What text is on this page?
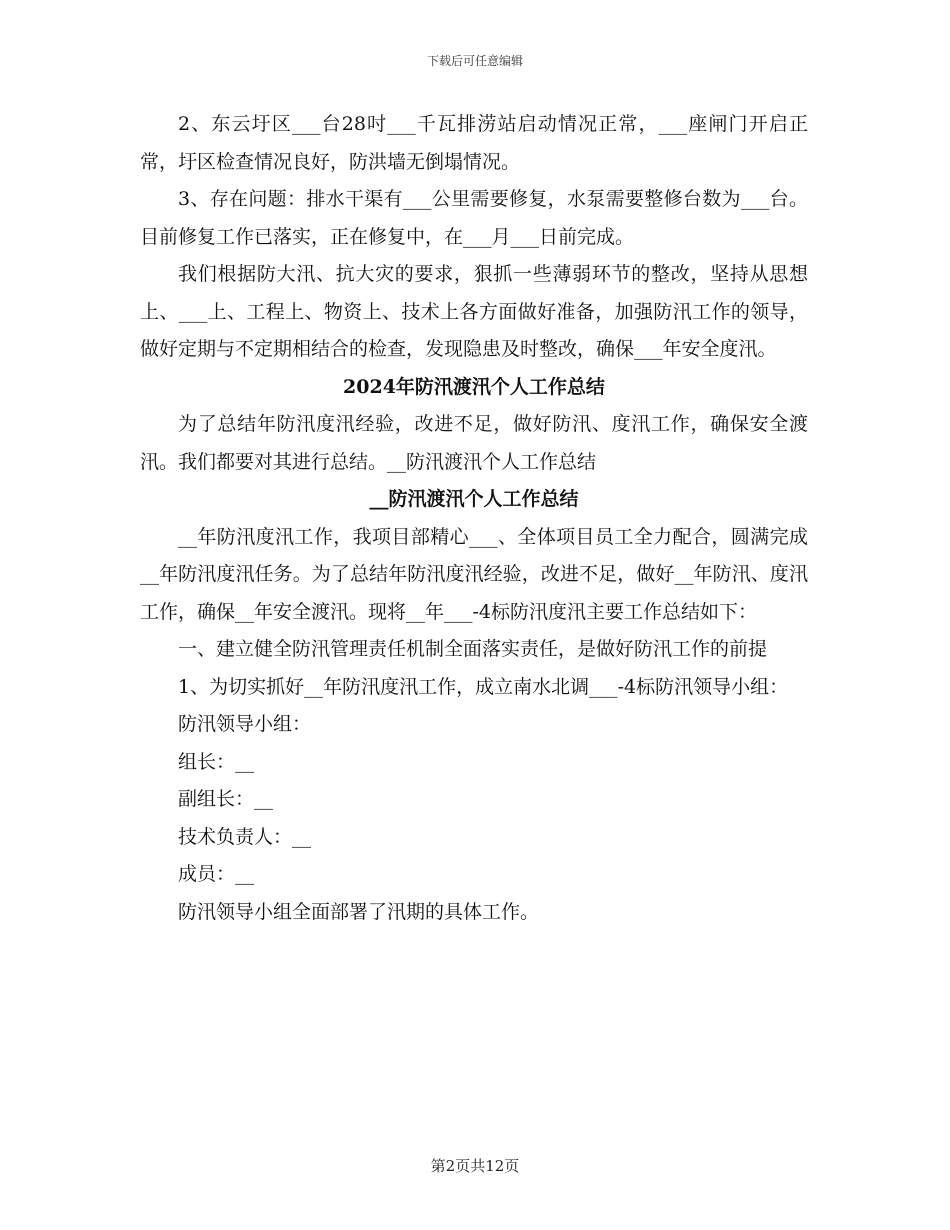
下载后可任意编辑

2、东云圩区___台28吋___千瓦排涝站启动情况正常，___座闸门开启正常，圩区检查情况良好，防洪墙无倒塌情况。

3、存在问题：排水干渠有___公里需要修复，水泵需要整修台数为___台。目前修复工作已落实，正在修复中，在___月___日前完成。

我们根据防大汛、抗大灾的要求，狠抓一些薄弱环节的整改，坚持从思想上、___上、工程上、物资上、技术上各方面做好准备，加强防汛工作的领导，做好定期与不定期相结合的检查，发现隐患及时整改，确保___年安全度汛。

2024年防汛渡汛个人工作总结

为了总结年防汛度汛经验，改进不足，做好防汛、度汛工作，确保安全渡汛。我们都要对其进行总结。__防汛渡汛个人工作总结

__防汛渡汛个人工作总结

__年防汛度汛工作，我项目部精心___、全体项目员工全力配合，圆满完成__年防汛度汛任务。为了总结年防汛度汛经验，改进不足，做好__年防汛、度汛工作，确保__年安全渡汛。现将__年___-4标防汛度汛主要工作总结如下：

一、建立健全防汛管理责任机制全面落实责任，是做好防汛工作的前提

1、为切实抓好__年防汛度汛工作，成立南水北调___-4标防汛领导小组：

防汛领导小组：

组长：__

副组长：__

技术负责人：__

成员：__

防汛领导小组全面部署了汛期的具体工作。

第2页共12页
